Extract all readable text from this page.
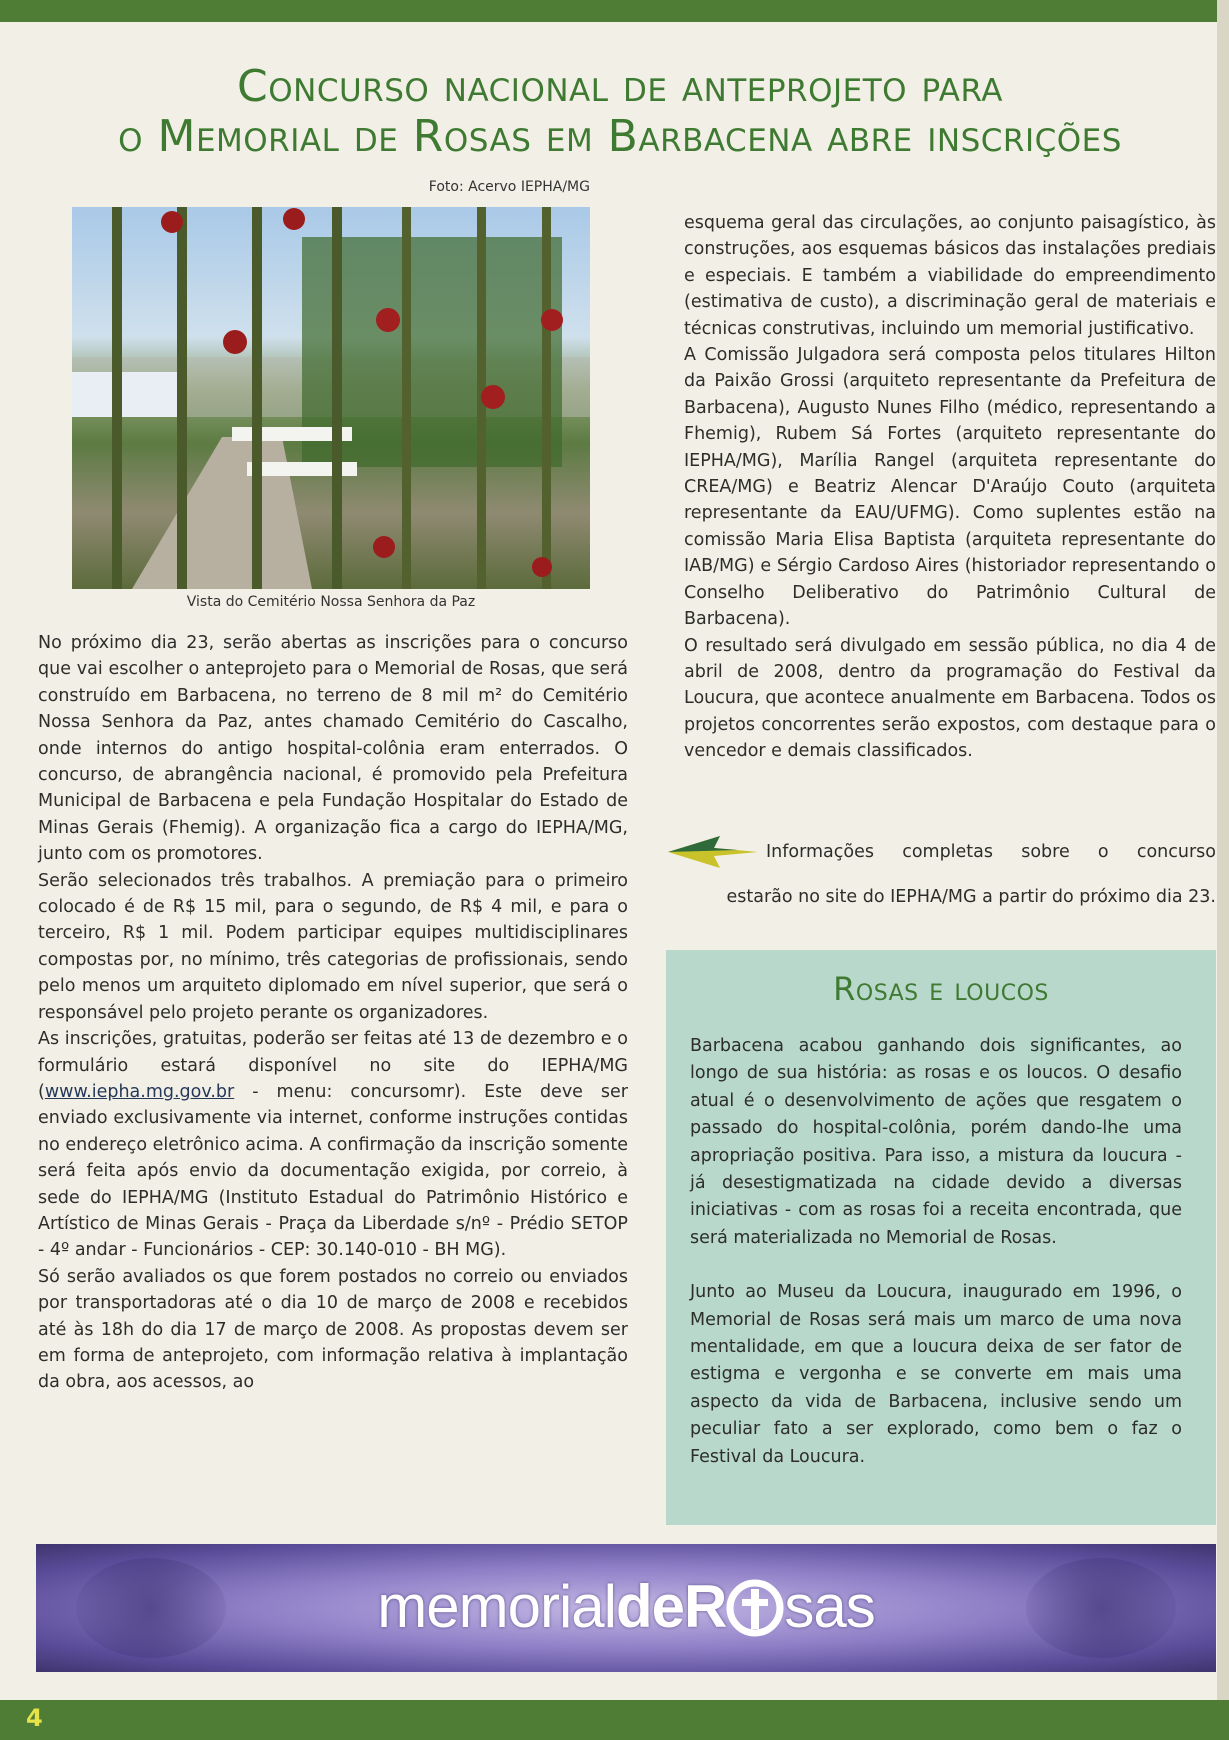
Concurso nacional de anteprojeto para
o Memorial de Rosas em Barbacena abre inscrições
Foto: Acervo IEPHA/MG
Vista do Cemitério Nossa Senhora da Paz

No próximo dia 23, serão abertas as inscrições para o concurso que vai escolher o anteprojeto para o Memorial de Rosas, que será construído em Barbacena, no terreno de 8 mil m² do Cemitério Nossa Senhora da Paz, antes chamado Cemitério do Cascalho, onde internos do antigo hospital-colônia eram enterrados. O concurso, de abrangência nacional, é promovido pela Prefeitura Municipal de Barbacena e pela Fundação Hospitalar do Estado de Minas Gerais (Fhemig). A organização fica a cargo do IEPHA/MG, junto com os promotores.

Serão selecionados três trabalhos. A premiação para o primeiro colocado é de R$ 15 mil, para o segundo, de R$ 4 mil, e para o terceiro, R$ 1 mil. Podem participar equipes multidisciplinares compostas por, no mínimo, três categorias de profissionais, sendo pelo menos um arquiteto diplomado em nível superior, que será o responsável pelo projeto perante os organizadores.

As inscrições, gratuitas, poderão ser feitas até 13 de dezembro e o formulário estará disponível no site do IEPHA/MG (www.iepha.mg.gov.br - menu: concursomr). Este deve ser enviado exclusivamente via internet, conforme instruções contidas no endereço eletrônico acima. A confirmação da inscrição somente será feita após envio da documentação exigida, por correio, à sede do IEPHA/MG (Instituto Estadual do Patrimônio Histórico e Artístico de Minas Gerais - Praça da Liberdade s/nº - Prédio SETOP - 4º andar - Funcionários - CEP: 30.140-010 - BH MG).

Só serão avaliados os que forem postados no correio ou enviados por transportadoras até o dia 10 de março de 2008 e recebidos até às 18h do dia 17 de março de 2008. As propostas devem ser em forma de anteprojeto, com informação relativa à implantação da obra, aos acessos, ao

esquema geral das circulações, ao conjunto paisagístico, às construções, aos esquemas básicos das instalações prediais e especiais. E também a viabilidade do empreendimento (estimativa de custo), a discriminação geral de materiais e técnicas construtivas, incluindo um memorial justificativo.

A Comissão Julgadora será composta pelos titulares Hilton da Paixão Grossi (arquiteto representante da Prefeitura de Barbacena), Augusto Nunes Filho (médico, representando a Fhemig), Rubem Sá Fortes (arquiteto representante do IEPHA/MG), Marília Rangel (arquiteta representante do CREA/MG) e Beatriz Alencar D'Araújo Couto (arquiteta representante da EAU/UFMG). Como suplentes estão na comissão Maria Elisa Baptista (arquiteta representante do IAB/MG) e Sérgio Cardoso Aires (historiador representando o Conselho Deliberativo do Patrimônio Cultural de Barbacena).

O resultado será divulgado em sessão pública, no dia 4 de abril de 2008, dentro da programação do Festival da Loucura, que acontece anualmente em Barbacena. Todos os projetos concorrentes serão expostos, com destaque para o vencedor e demais classificados.

Informações completas sobre o concurso
estarão no site do IEPHA/MG a partir do próximo dia 23.
Rosas e loucos

Barbacena acabou ganhando dois significantes, ao longo de sua história: as rosas e os loucos. O desafio atual é o desenvolvimento de ações que resgatem o passado do hospital-colônia, porém dando-lhe uma apropriação positiva. Para isso, a mistura da loucura - já desestigmatizada na cidade devido a diversas iniciativas - com as rosas foi a receita encontrada, que será materializada no Memorial de Rosas.

Junto ao Museu da Loucura, inaugurado em 1996, o Memorial de Rosas será mais um marco de uma nova mentalidade, em que a loucura deixa de ser fator de estigma e vergonha e se converte em mais uma aspecto da vida de Barbacena, inclusive sendo um peculiar fato a ser explorado, como bem o faz o Festival da Loucura.

memorialdeR sas
4
